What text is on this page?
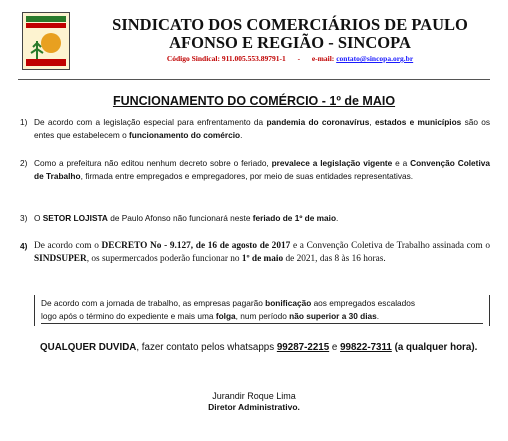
SINDICATO DOS COMERCIÁRIOS DE PAULO
AFONSO E REGIÃO - SINCOPA
Código Sindical: 911.005.553.89791-1 - e-mail: contato@sincopa.org.br
FUNCIONAMENTO DO COMÉRCIO - 1º de MAIO
1) De acordo com a legislação especial para enfrentamento da pandemia do coronavírus, estados e municípios são os entes que estabelecem o funcionamento do comércio.
2) Como a prefeitura não editou nenhum decreto sobre o feriado, prevalece a legislação vigente e a Convenção Coletiva de Trabalho, firmada entre empregados e empregadores, por meio de suas entidades representativas.
3) O SETOR LOJISTA de Paulo Afonso não funcionará neste feriado de 1º de maio.
4) De acordo com o DECRETO No - 9.127, de 16 de agosto de 2017 e a Convenção Coletiva de Trabalho assinada com o SINDSUPER, os supermercados poderão funcionar no 1º de maio de 2021, das 8 às 16 horas.
De acordo com a jornada de trabalho, as empresas pagarão bonificação aos empregados escalados
logo após o término do expediente e mais uma folga, num período não superior a 30 dias.
QUALQUER DUVIDA, fazer contato pelos whatsapps 99287-2215 e 99822-7311 (a qualquer hora).
Jurandir Roque Lima
Diretor Administrativo.
